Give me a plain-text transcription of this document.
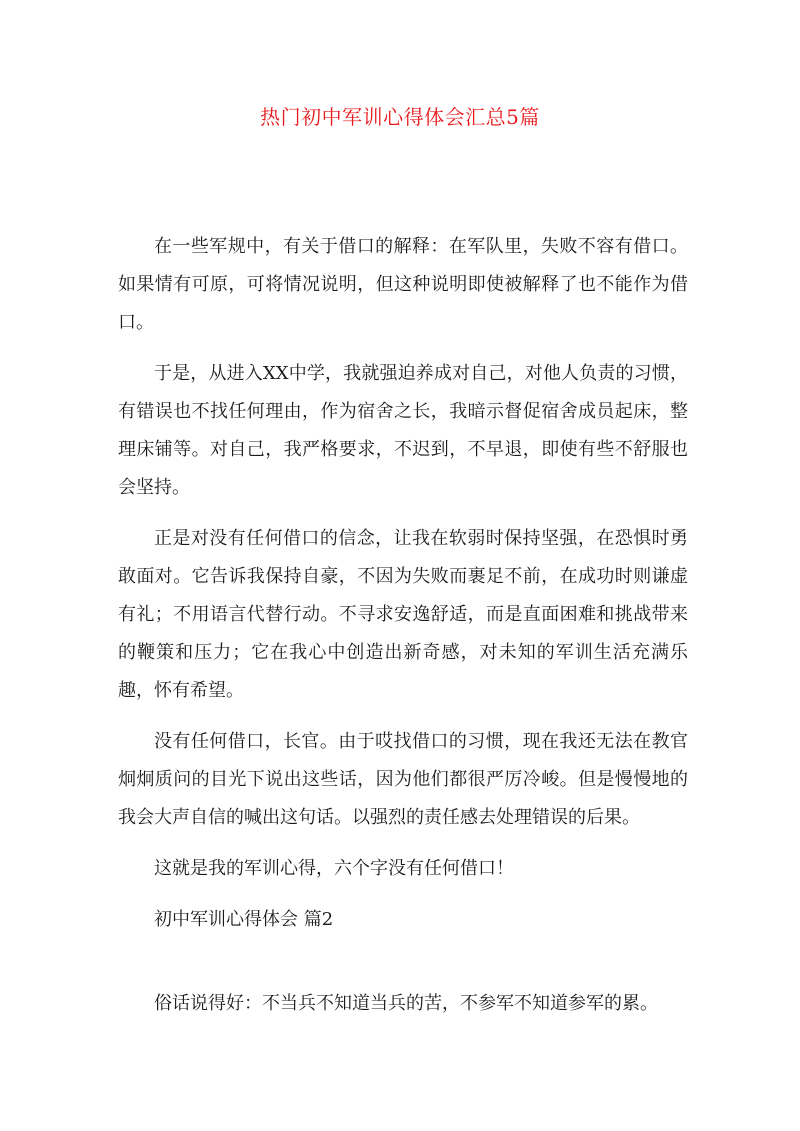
热门初中军训心得体会汇总5篇

在一些军规中，有关于借口的解释：在军队里，失败不容有借口。如果情有可原，可将情况说明，但这种说明即使被解释了也不能作为借口。

于是，从进入XX中学，我就强迫养成对自己，对他人负责的习惯，有错误也不找任何理由，作为宿舍之长，我暗示督促宿舍成员起床，整理床铺等。对自己，我严格要求，不迟到，不早退，即使有些不舒服也会坚持。

正是对没有任何借口的信念，让我在软弱时保持坚强，在恐惧时勇敢面对。它告诉我保持自豪，不因为失败而裹足不前，在成功时则谦虚有礼；不用语言代替行动。不寻求安逸舒适，而是直面困难和挑战带来的鞭策和压力；它在我心中创造出新奇感，对未知的军训生活充满乐趣，怀有希望。

没有任何借口，长官。由于哎找借口的习惯，现在我还无法在教官炯炯质问的目光下说出这些话，因为他们都很严厉冷峻。但是慢慢地的我会大声自信的喊出这句话。以强烈的责任感去处理错误的后果。

这就是我的军训心得，六个字没有任何借口！

初中军训心得体会 篇2

俗话说得好：不当兵不知道当兵的苦，不参军不知道参军的累。
